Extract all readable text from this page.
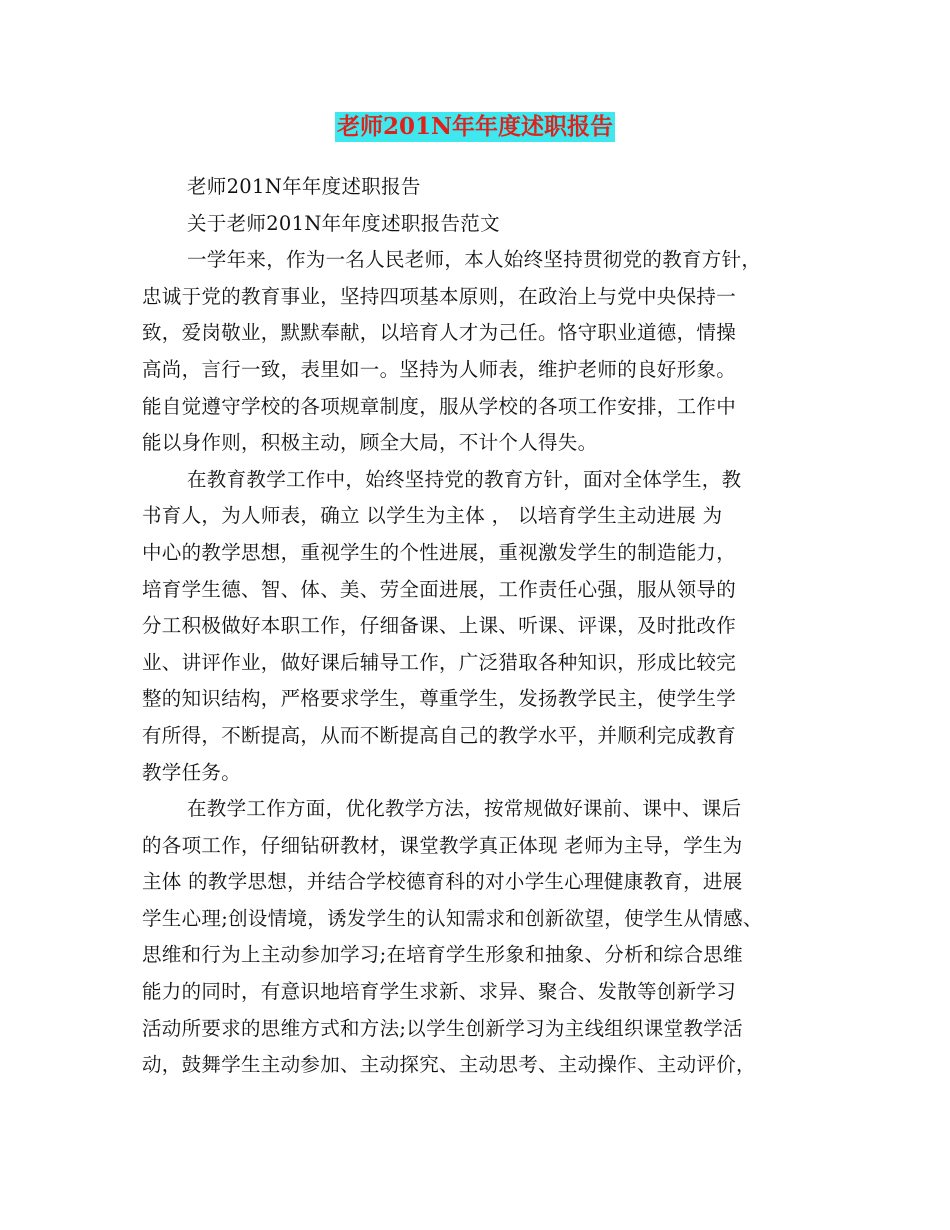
老师201N年年度述职报告
老师201N年年度述职报告
关于老师201N年年度述职报告范文
一学年来，作为一名人民老师，本人始终坚持贯彻党的教育方针，
忠诚于党的教育事业，坚持四项基本原则，在政治上与党中央保持一
致，爱岗敬业，默默奉献，以培育人才为己任。恪守职业道德，情操
高尚，言行一致，表里如一。坚持为人师表，维护老师的良好形象。
能自觉遵守学校的各项规章制度，服从学校的各项工作安排，工作中
能以身作则，积极主动，顾全大局，不计个人得失。
在教育教学工作中，始终坚持党的教育方针，面对全体学生，教
书育人，为人师表，确立 以学生为主体 ， 以培育学生主动进展 为
中心的教学思想，重视学生的个性进展，重视激发学生的制造能力，
培育学生德、智、体、美、劳全面进展，工作责任心强，服从领导的
分工积极做好本职工作，仔细备课、上课、听课、评课，及时批改作
业、讲评作业，做好课后辅导工作，广泛猎取各种知识，形成比较完
整的知识结构，严格要求学生，尊重学生，发扬教学民主，使学生学
有所得，不断提高，从而不断提高自己的教学水平，并顺利完成教育
教学任务。
在教学工作方面，优化教学方法，按常规做好课前、课中、课后
的各项工作，仔细钻研教材，课堂教学真正体现 老师为主导，学生为
主体 的教学思想，并结合学校德育科的对小学生心理健康教育，进展
学生心理;创设情境，诱发学生的认知需求和创新欲望，使学生从情感、
思维和行为上主动参加学习;在培育学生形象和抽象、分析和综合思维
能力的同时，有意识地培育学生求新、求异、聚合、发散等创新学习
活动所要求的思维方式和方法;以学生创新学习为主线组织课堂教学活
动，鼓舞学生主动参加、主动探究、主动思考、主动操作、主动评价，
